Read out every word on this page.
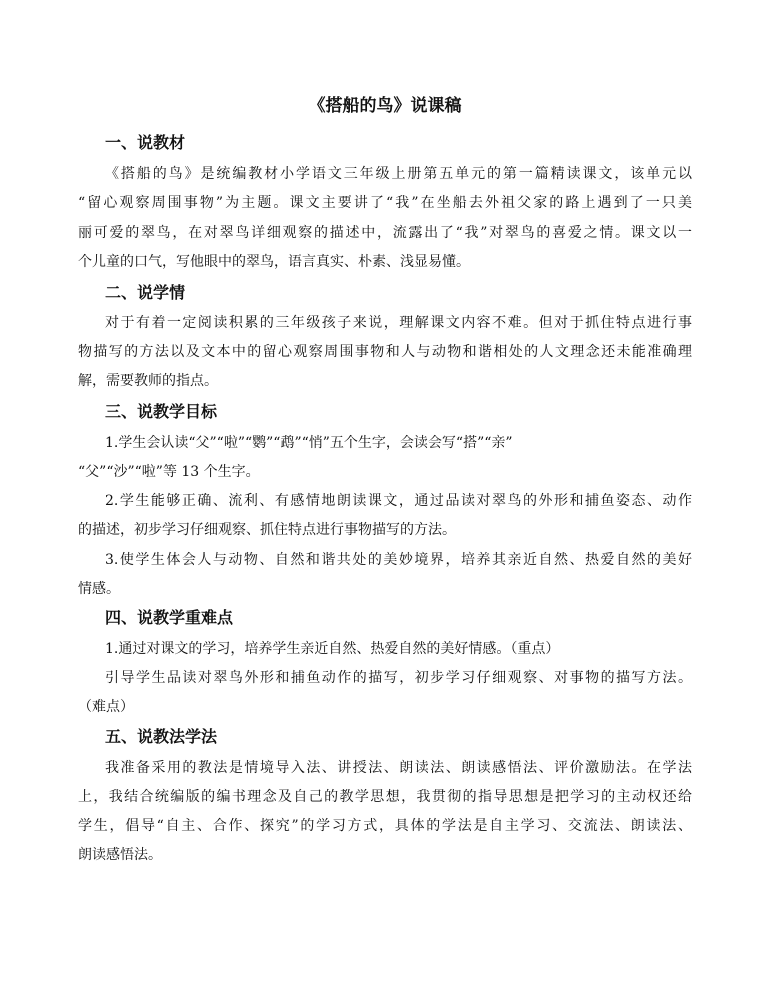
《搭船的鸟》说课稿
一、说教材
《搭船的鸟》是统编教材小学语文三年级上册第五单元的第一篇精读课文，该单元以
“留心观察周围事物”为主题。课文主要讲了“我”在坐船去外祖父家的路上遇到了一只美
丽可爱的翠鸟，在对翠鸟详细观察的描述中，流露出了“我”对翠鸟的喜爱之情。课文以一
个儿童的口气，写他眼中的翠鸟，语言真实、朴素、浅显易懂。
二、说学情
对于有着一定阅读积累的三年级孩子来说，理解课文内容不难。但对于抓住特点进行事
物描写的方法以及文本中的留心观察周围事物和人与动物和谐相处的人文理念还未能准确理
解，需要教师的指点。
三、说教学目标
1.学生会认读“父”“啦”“鹦”“鹉”“悄”五个生字，会读会写“搭”“亲”
“父”“沙”“啦”等 13 个生字。
2.学生能够正确、流利、有感情地朗读课文，通过品读对翠鸟的外形和捕鱼姿态、动作
的描述，初步学习仔细观察、抓住特点进行事物描写的方法。
3.使学生体会人与动物、自然和谐共处的美妙境界，培养其亲近自然、热爱自然的美好
情感。
四、说教学重难点
1.通过对课文的学习，培养学生亲近自然、热爱自然的美好情感。（重点）
引导学生品读对翠鸟外形和捕鱼动作的描写，初步学习仔细观察、对事物的描写方法。
（难点）
五、说教法学法
我准备采用的教法是情境导入法、讲授法、朗读法、朗读感悟法、评价激励法。在学法
上，我结合统编版的编书理念及自己的教学思想，我贯彻的指导思想是把学习的主动权还给
学生，倡导“自主、合作、探究”的学习方式，具体的学法是自主学习、交流法、朗读法、
朗读感悟法。
